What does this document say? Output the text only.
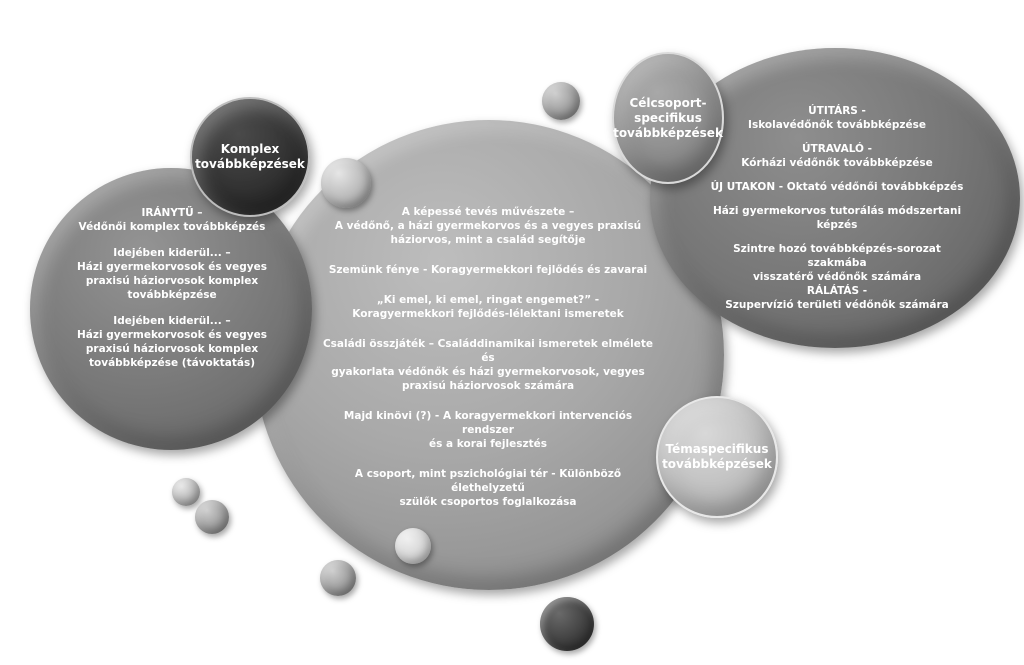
Komplex
továbbképzések
Célcsoport-
specifikus
továbbképzések
Témaspecifikus
továbbképzések
IRÁNYTŰ –
Védőnői komplex továbbképzés
Idejében kiderül... –
Házi gyermekorvosok és vegyes
praxisú háziorvosok komplex
továbbképzése
Idejében kiderül... –
Házi gyermekorvosok és vegyes
praxisú háziorvosok komplex
továbbképzése (távoktatás)
A képessé tevés művészete –
A védőnő, a házi gyermekorvos és a vegyes praxisú
háziorvos, mint a család segítője
Szemünk fénye - Koragyermekkori fejlődés és zavarai
„Ki emel, ki emel, ringat engemet?” -
Koragyermekkori fejlődés-lélektani ismeretek
Családi összjáték – Családdinamikai ismeretek elmélete és
gyakorlata védőnők és házi gyermekorvosok, vegyes
praxisú háziorvosok számára
Majd kinövi (?) - A koragyermekkori intervenciós rendszer
és a korai fejlesztés
A csoport, mint pszichológiai tér - Különböző élethelyzetű
szülők csoportos foglalkozása
ÚTITÁRS -
Iskolavédőnők továbbképzése
ÚTRAVALÓ -
Kórházi védőnők továbbképzése
ÚJ UTAKON - Oktató védőnői továbbképzés
Házi gyermekorvos tutorálás módszertani
képzés
Szintre hozó továbbképzés-sorozat szakmába
visszatérő védőnők számára
RÁLÁTÁS -
Szupervízió területi védőnők számára
